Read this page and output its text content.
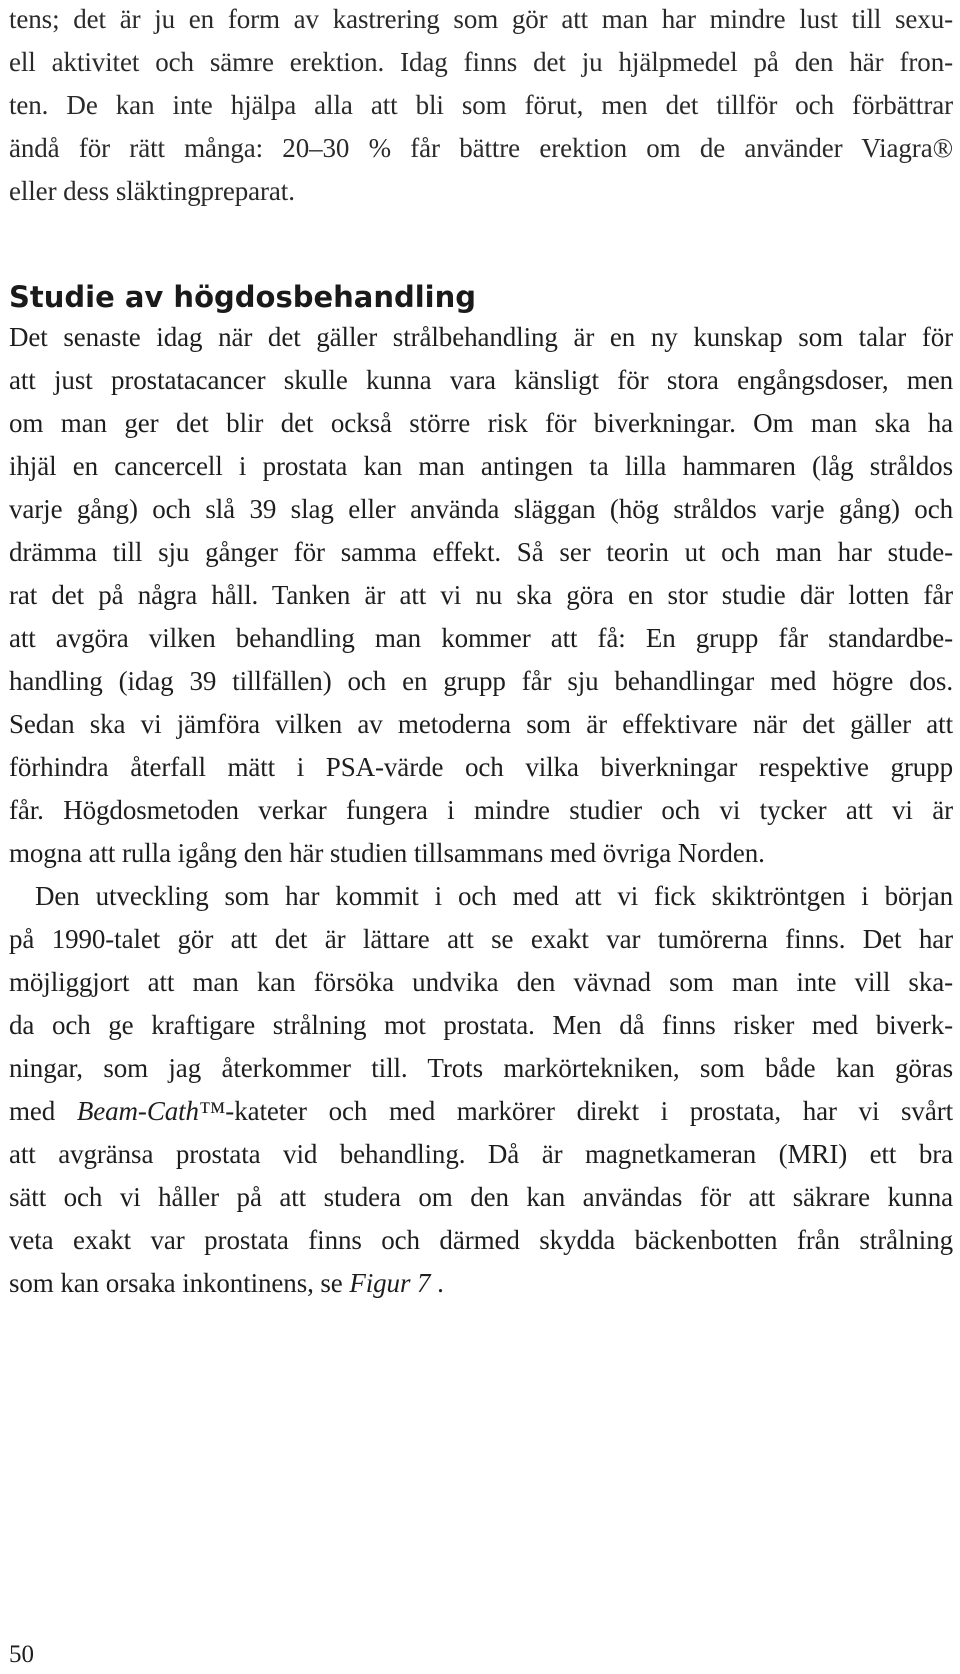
tens; det är ju en form av kastrering som gör att man har mindre lust till sexu-
ell aktivitet och sämre erektion. Idag finns det ju hjälpmedel på den här fron-
ten. De kan inte hjälpa alla att bli som förut, men det tillför och förbättrar
ändå för rätt många: 20–30 % får bättre erektion om de använder Viagra®
eller dess släktingpreparat.
Studie av högdosbehandling
Det senaste idag när det gäller strålbehandling är en ny kunskap som talar för
att just prostatacancer skulle kunna vara känsligt för stora engångsdoser, men
om man ger det blir det också större risk för biverkningar. Om man ska ha
ihjäl en cancercell i prostata kan man antingen ta lilla hammaren (låg stråldos
varje gång) och slå 39 slag eller använda släggan (hög stråldos varje gång) och
drämma till sju gånger för samma effekt. Så ser teorin ut och man har stude-
rat det på några håll. Tanken är att vi nu ska göra en stor studie där lotten får
att avgöra vilken behandling man kommer att få: En grupp får standardbe-
handling (idag 39 tillfällen) och en grupp får sju behandlingar med högre dos.
Sedan ska vi jämföra vilken av metoderna som är effektivare när det gäller att
förhindra återfall mätt i PSA-värde och vilka biverkningar respektive grupp
får. Högdosmetoden verkar fungera i mindre studier och vi tycker att vi är
mogna att rulla igång den här studien tillsammans med övriga Norden.
Den utveckling som har kommit i och med att vi fick skiktröntgen i början
på 1990-talet gör att det är lättare att se exakt var tumörerna finns. Det har
möjliggjort att man kan försöka undvika den vävnad som man inte vill ska-
da och ge kraftigare strålning mot prostata. Men då finns risker med biverk-
ningar, som jag återkommer till. Trots markörtekniken, som både kan göras
med Beam-Cath™-kateter och med markörer direkt i prostata, har vi svårt
att avgränsa prostata vid behandling. Då är magnetkameran (MRI) ett bra
sätt och vi håller på att studera om den kan användas för att säkrare kunna
veta exakt var prostata finns och därmed skydda bäckenbotten från strålning
som kan orsaka inkontinens, se Figur 7 .
50
